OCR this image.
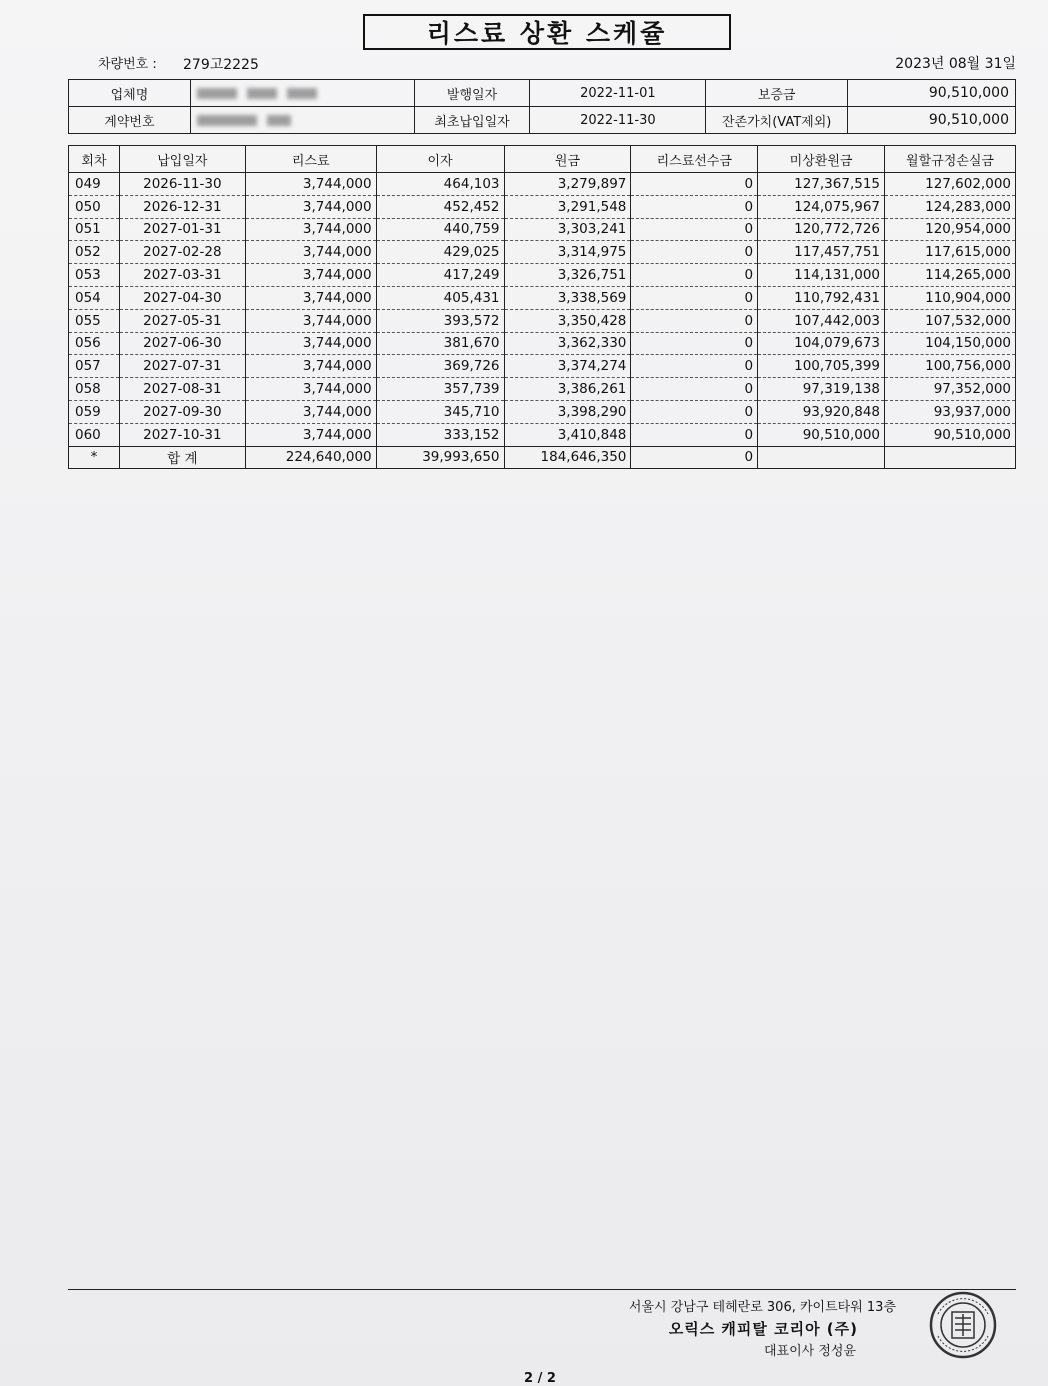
리스료 상환 스케쥴
차량번호 : 279고2225	2023년 08월 31일
업체명		발행일자	2022-11-01	보증금	90,510,000
계약번호		최초납입일자	2022-11-30	잔존가치(VAT제외)	90,510,000
회차	납입일자	리스료	이자	원금	리스료선수금	미상환원금	월할규정손실금
049	2026-11-30	3,744,000	464,103	3,279,897	0	127,367,515	127,602,000
050	2026-12-31	3,744,000	452,452	3,291,548	0	124,075,967	124,283,000
051	2027-01-31	3,744,000	440,759	3,303,241	0	120,772,726	120,954,000
052	2027-02-28	3,744,000	429,025	3,314,975	0	117,457,751	117,615,000
053	2027-03-31	3,744,000	417,249	3,326,751	0	114,131,000	114,265,000
054	2027-04-30	3,744,000	405,431	3,338,569	0	110,792,431	110,904,000
055	2027-05-31	3,744,000	393,572	3,350,428	0	107,442,003	107,532,000
056	2027-06-30	3,744,000	381,670	3,362,330	0	104,079,673	104,150,000
057	2027-07-31	3,744,000	369,726	3,374,274	0	100,705,399	100,756,000
058	2027-08-31	3,744,000	357,739	3,386,261	0	97,319,138	97,352,000
059	2027-09-30	3,744,000	345,710	3,398,290	0	93,920,848	93,937,000
060	2027-10-31	3,744,000	333,152	3,410,848	0	90,510,000	90,510,000
*	합 계	224,640,000	39,993,650	184,646,350	0		
서울시 강남구 테헤란로 306, 카이트타워 13층
오릭스 캐피탈 코리아 (주)
대표이사 정성윤
2 / 2
